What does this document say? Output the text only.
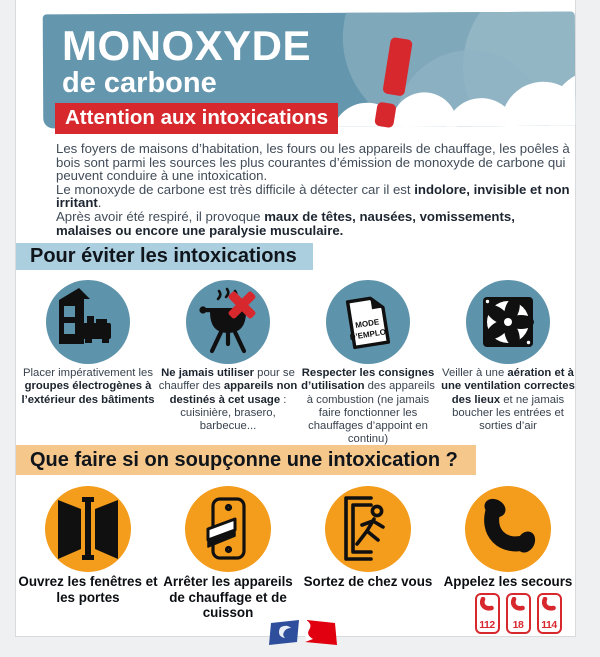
MONOXYDE
de carbone
Attention aux intoxications

Les foyers de maisons d’habitation, les fours ou les appareils de chauffage, les poêles à bois sont parmi les sources les plus courantes d’émission de monoxyde de carbone qui peuvent conduire à une intoxication.

Le monoxyde de carbone est très difficile à détecter car il est indolore, invisible et non irritant.

Après avoir été respiré, il provoque maux de têtes, nausées, vomissements, malaises ou encore une paralysie musculaire.

Pour éviter les intoxications
MODE
D’EMPLOI
Placer impérativement les groupes électrogènes à l’extérieur des bâtiments
Ne jamais utiliser pour se chauffer des appareils non destinés à cet usage : cuisinière, brasero, barbecue...
Respecter les consignes d’utilisation des appareils à combustion (ne jamais faire fonctionner les chauffages d’appoint en continu)
Veiller à une aération et à une ventilation correctes des lieux et ne jamais boucher les entrées et sorties d’air
Que faire si on soupçonne une intoxication ?
Ouvrez les fenêtres et les portes
Arrêter les appareils de chauffage et de cuisson
Sortez de chez vous Appelez les secours
112 18 114
